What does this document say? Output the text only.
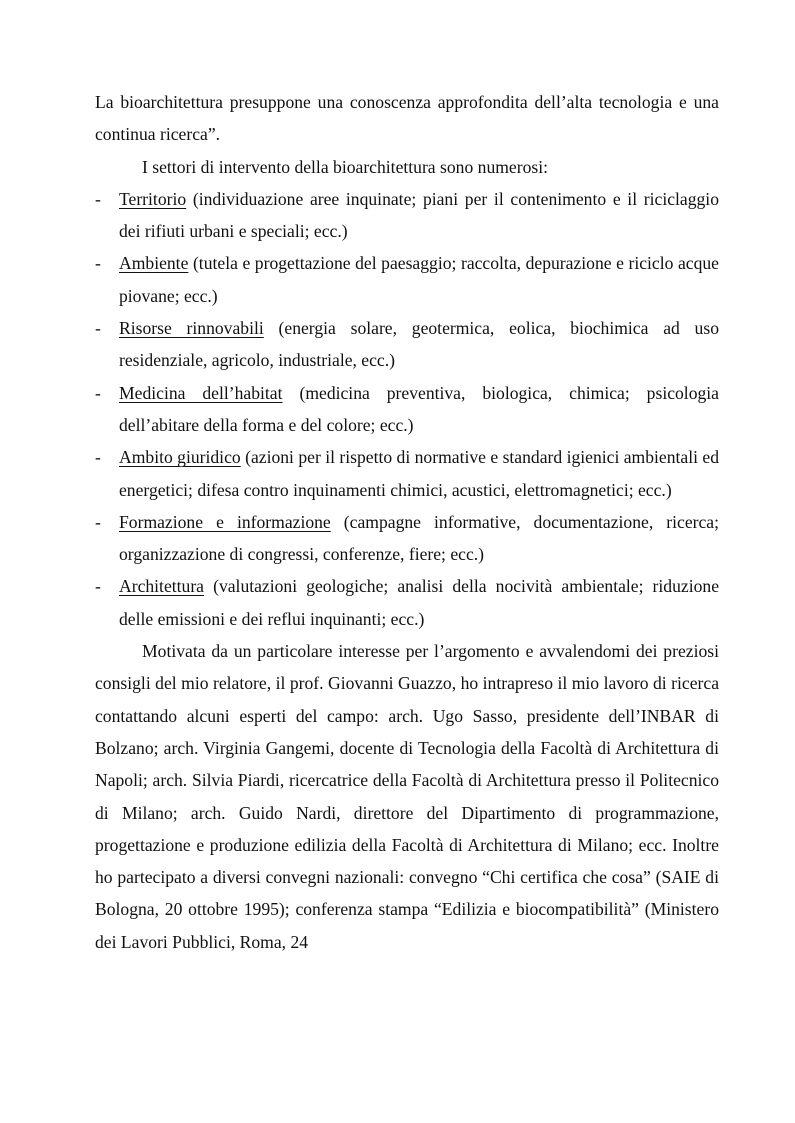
La bioarchitettura presuppone una conoscenza approfondita dell’alta tecnologia e una continua ricerca”.

I settori di intervento della bioarchitettura sono numerosi:

- Territorio (individuazione aree inquinate; piani per il contenimento e il riciclaggio dei rifiuti urbani e speciali; ecc.)
- Ambiente (tutela e progettazione del paesaggio; raccolta, depurazione e riciclo acque piovane; ecc.)
- Risorse rinnovabili (energia solare, geotermica, eolica, biochimica ad uso residenziale, agricolo, industriale, ecc.)
- Medicina dell’habitat (medicina preventiva, biologica, chimica; psicologia dell’abitare della forma e del colore; ecc.)
- Ambito giuridico (azioni per il rispetto di normative e standard igienici ambientali ed energetici; difesa contro inquinamenti chimici, acustici, elettromagnetici; ecc.)
- Formazione e informazione (campagne informative, documentazione, ricerca; organizzazione di congressi, conferenze, fiere; ecc.)
- Architettura (valutazioni geologiche; analisi della nocività ambientale; riduzione delle emissioni e dei reflui inquinanti; ecc.)

Motivata da un particolare interesse per l’argomento e avvalendomi dei preziosi consigli del mio relatore, il prof. Giovanni Guazzo, ho intrapreso il mio lavoro di ricerca contattando alcuni esperti del campo: arch. Ugo Sasso, presidente dell’INBAR di Bolzano; arch. Virginia Gangemi, docente di Tecnologia della Facoltà di Architettura di Napoli; arch. Silvia Piardi, ricercatrice della Facoltà di Architettura presso il Politecnico di Milano; arch. Guido Nardi, direttore del Dipartimento di programmazione, progettazione e produzione edilizia della Facoltà di Architettura di Milano; ecc. Inoltre ho partecipato a diversi convegni nazionali: convegno “Chi certifica che cosa” (SAIE di Bologna, 20 ottobre 1995); conferenza stampa “Edilizia e biocompatibilità” (Ministero dei Lavori Pubblici, Roma, 24
